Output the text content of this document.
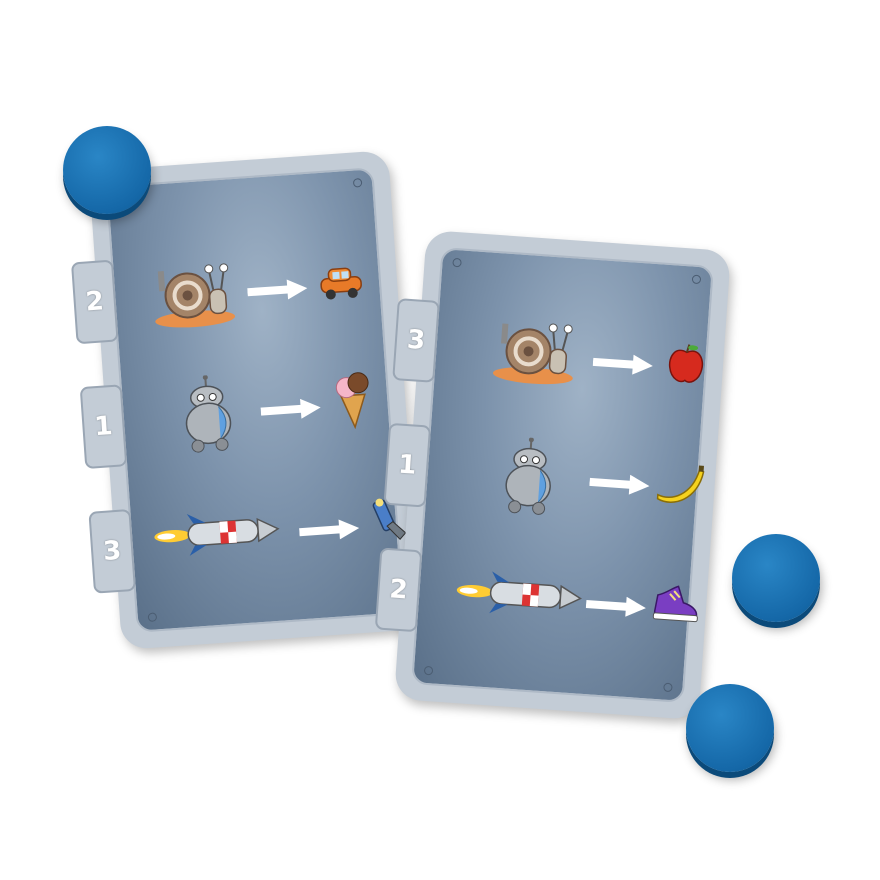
2
1
3
3
1
2
